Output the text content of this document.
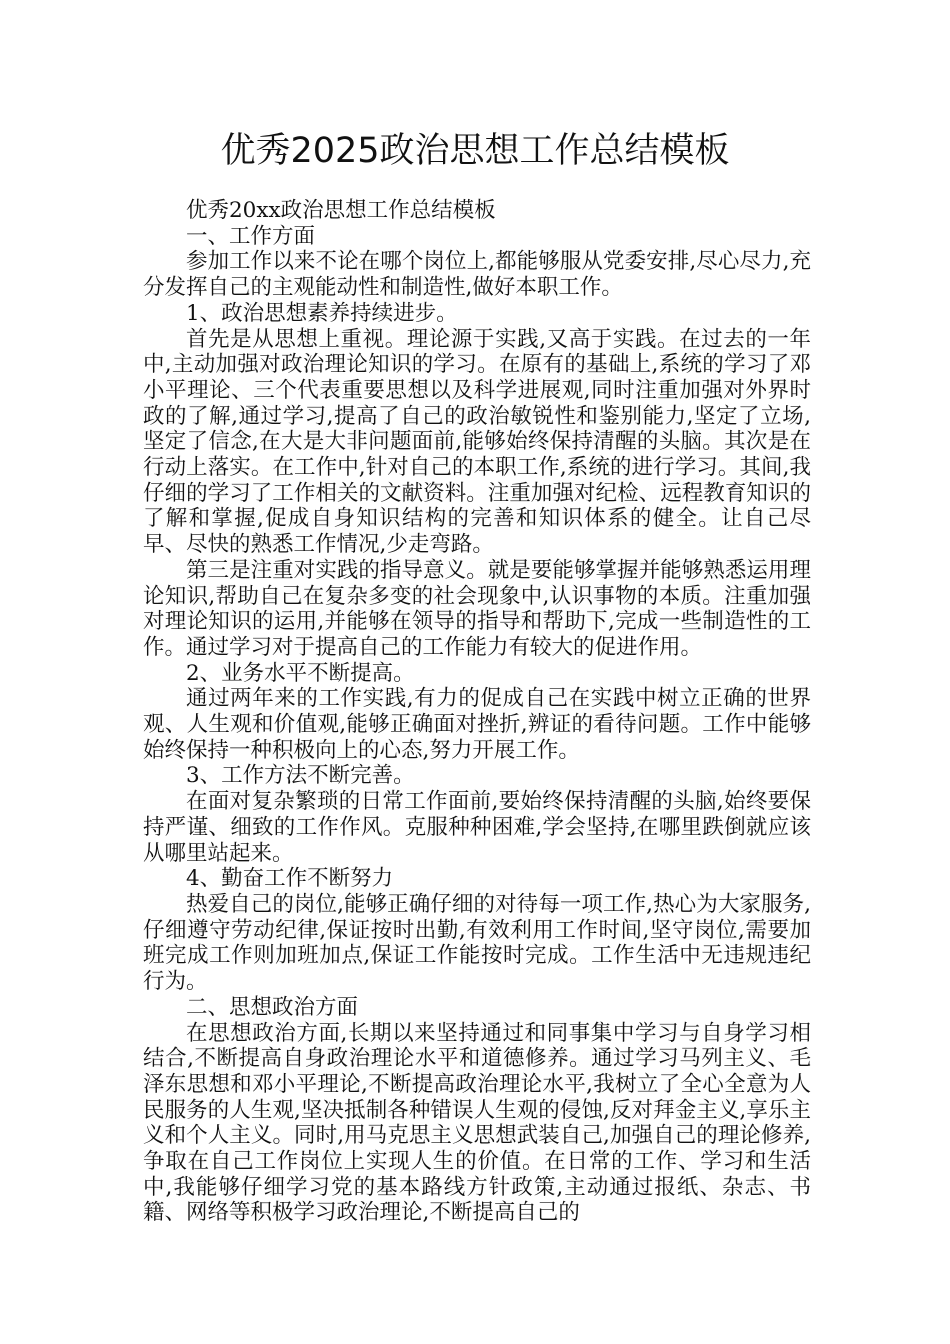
优秀2025政治思想工作总结模板

优秀20xx政治思想工作总结模板

一、工作方面

参加工作以来不论在哪个岗位上,都能够服从党委安排,尽心尽力,充分发挥自己的主观能动性和制造性,做好本职工作。

1、政治思想素养持续进步。

首先是从思想上重视。理论源于实践,又高于实践。在过去的一年中,主动加强对政治理论知识的学习。在原有的基础上,系统的学习了邓小平理论、三个代表重要思想以及科学进展观,同时注重加强对外界时政的了解,通过学习,提高了自己的政治敏锐性和鉴别能力,坚定了立场,坚定了信念,在大是大非问题面前,能够始终保持清醒的头脑。其次是在行动上落实。在工作中,针对自己的本职工作,系统的进行学习。其间,我仔细的学习了工作相关的文献资料。注重加强对纪检、远程教育知识的了解和掌握,促成自身知识结构的完善和知识体系的健全。让自己尽早、尽快的熟悉工作情况,少走弯路。

第三是注重对实践的指导意义。就是要能够掌握并能够熟悉运用理论知识,帮助自己在复杂多变的社会现象中,认识事物的本质。注重加强对理论知识的运用,并能够在领导的指导和帮助下,完成一些制造性的工作。通过学习对于提高自己的工作能力有较大的促进作用。

2、业务水平不断提高。

通过两年来的工作实践,有力的促成自己在实践中树立正确的世界观、人生观和价值观,能够正确面对挫折,辨证的看待问题。工作中能够始终保持一种积极向上的心态,努力开展工作。

3、工作方法不断完善。

在面对复杂繁琐的日常工作面前,要始终保持清醒的头脑,始终要保持严谨、细致的工作作风。克服种种困难,学会坚持,在哪里跌倒就应该从哪里站起来。

4、勤奋工作不断努力

热爱自己的岗位,能够正确仔细的对待每一项工作,热心为大家服务,仔细遵守劳动纪律,保证按时出勤,有效利用工作时间,坚守岗位,需要加班完成工作则加班加点,保证工作能按时完成。工作生活中无违规违纪行为。

二、思想政治方面

在思想政治方面,长期以来坚持通过和同事集中学习与自身学习相结合,不断提高自身政治理论水平和道德修养。通过学习马列主义、毛泽东思想和邓小平理论,不断提高政治理论水平,我树立了全心全意为人民服务的人生观,坚决抵制各种错误人生观的侵蚀,反对拜金主义,享乐主义和个人主义。同时,用马克思主义思想武装自己,加强自己的理论修养,争取在自己工作岗位上实现人生的价值。在日常的工作、学习和生活中,我能够仔细学习党的基本路线方针政策,主动通过报纸、杂志、书籍、网络等积极学习政治理论,不断提高自己的
